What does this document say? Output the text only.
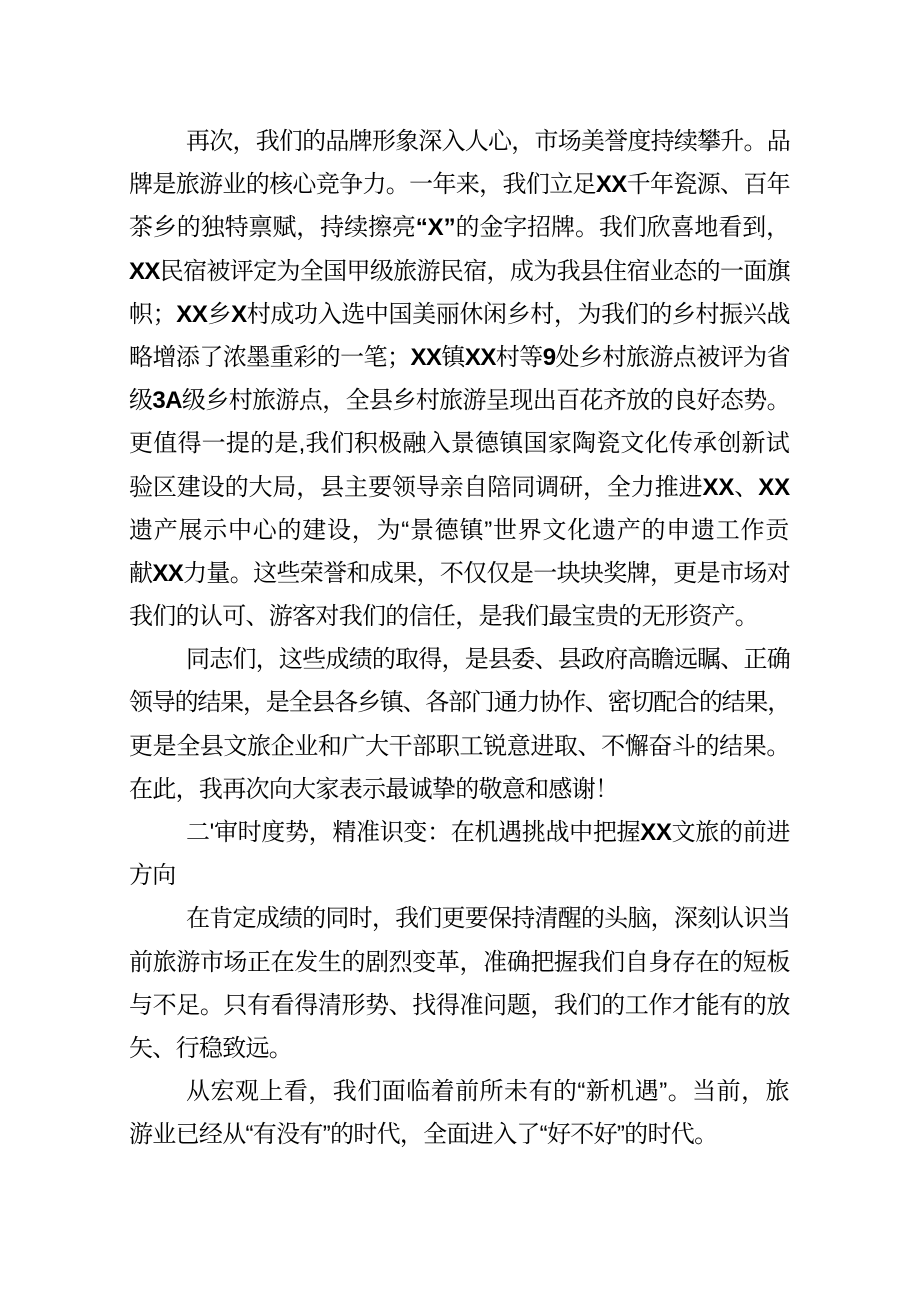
再次，我们的品牌形象深入人心，市场美誉度持续攀升。品
牌是旅游业的核心竞争力。一年来，我们立足XX千年瓷源、百年
茶乡的独特禀赋，持续擦亮“X”的金字招牌。我们欣喜地看到，
XX民宿被评定为全国甲级旅游民宿，成为我县住宿业态的一面旗
帜；XX乡X村成功入选中国美丽休闲乡村，为我们的乡村振兴战
略增添了浓墨重彩的一笔；XX镇XX村等9处乡村旅游点被评为省
级3A级乡村旅游点，全县乡村旅游呈现出百花齐放的良好态势。
更值得一提的是,我们积极融入景德镇国家陶瓷文化传承创新试
验区建设的大局，县主要领导亲自陪同调研，全力推进XX、XX
遗产展示中心的建设，为“景德镇”世界文化遗产的申遗工作贡
献XX力量。这些荣誉和成果，不仅仅是一块块奖牌，更是市场对
我们的认可、游客对我们的信任，是我们最宝贵的无形资产。
同志们，这些成绩的取得，是县委、县政府高瞻远瞩、正确
领导的结果，是全县各乡镇、各部门通力协作、密切配合的结果，
更是全县文旅企业和广大干部职工锐意进取、不懈奋斗的结果。
在此，我再次向大家表示最诚挚的敬意和感谢！
二'审时度势，精准识变：在机遇挑战中把握XX文旅的前进
方向
在肯定成绩的同时，我们更要保持清醒的头脑，深刻认识当
前旅游市场正在发生的剧烈变革，准确把握我们自身存在的短板
与不足。只有看得清形势、找得准问题，我们的工作才能有的放
矢、行稳致远。
从宏观上看，我们面临着前所未有的“新机遇”。当前，旅
游业已经从“有没有”的时代，全面进入了“好不好”的时代。
